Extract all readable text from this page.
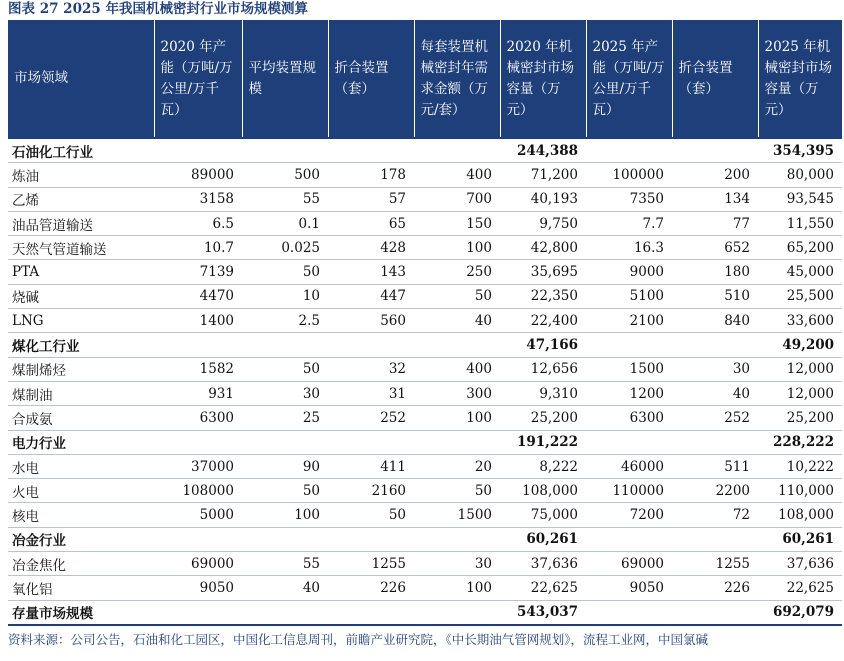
图表 27 2025 年我国机械密封行业市场规模测算
市场领域	2020 年产能（万吨/万公里/万千瓦）	平均装置规模	折合装置（套）	每套装置机械密封年需求金额（万元/套）	2020 年机械密封市场容量（万元）	2025 年产能（万吨/万公里/万千瓦）	折合装置（套）	2025 年机械密封市场容量（万元）
石油化工行业					244,388			354,395
炼油	89000	500	178	400	71,200	100000	200	80,000
乙烯	3158	55	57	700	40,193	7350	134	93,545
油品管道输送	6.5	0.1	65	150	9,750	7.7	77	11,550
天然气管道输送	10.7	0.025	428	100	42,800	16.3	652	65,200
PTA	7139	50	143	250	35,695	9000	180	45,000
烧碱	4470	10	447	50	22,350	5100	510	25,500
LNG	1400	2.5	560	40	22,400	2100	840	33,600
煤化工行业					47,166			49,200
煤制烯烃	1582	50	32	400	12,656	1500	30	12,000
煤制油	931	30	31	300	9,310	1200	40	12,000
合成氨	6300	25	252	100	25,200	6300	252	25,200
电力行业					191,222			228,222
水电	37000	90	411	20	8,222	46000	511	10,222
火电	108000	50	2160	50	108,000	110000	2200	110,000
核电	5000	100	50	1500	75,000	7200	72	108,000
冶金行业					60,261			60,261
冶金焦化	69000	55	1255	30	37,636	69000	1255	37,636
氧化铝	9050	40	226	100	22,625	9050	226	22,625
存量市场规模					543,037			692,079
资料来源：公司公告，石油和化工园区，中国化工信息周刊，前瞻产业研究院，《中长期油气管网规划》，流程工业网，中国氯碱
